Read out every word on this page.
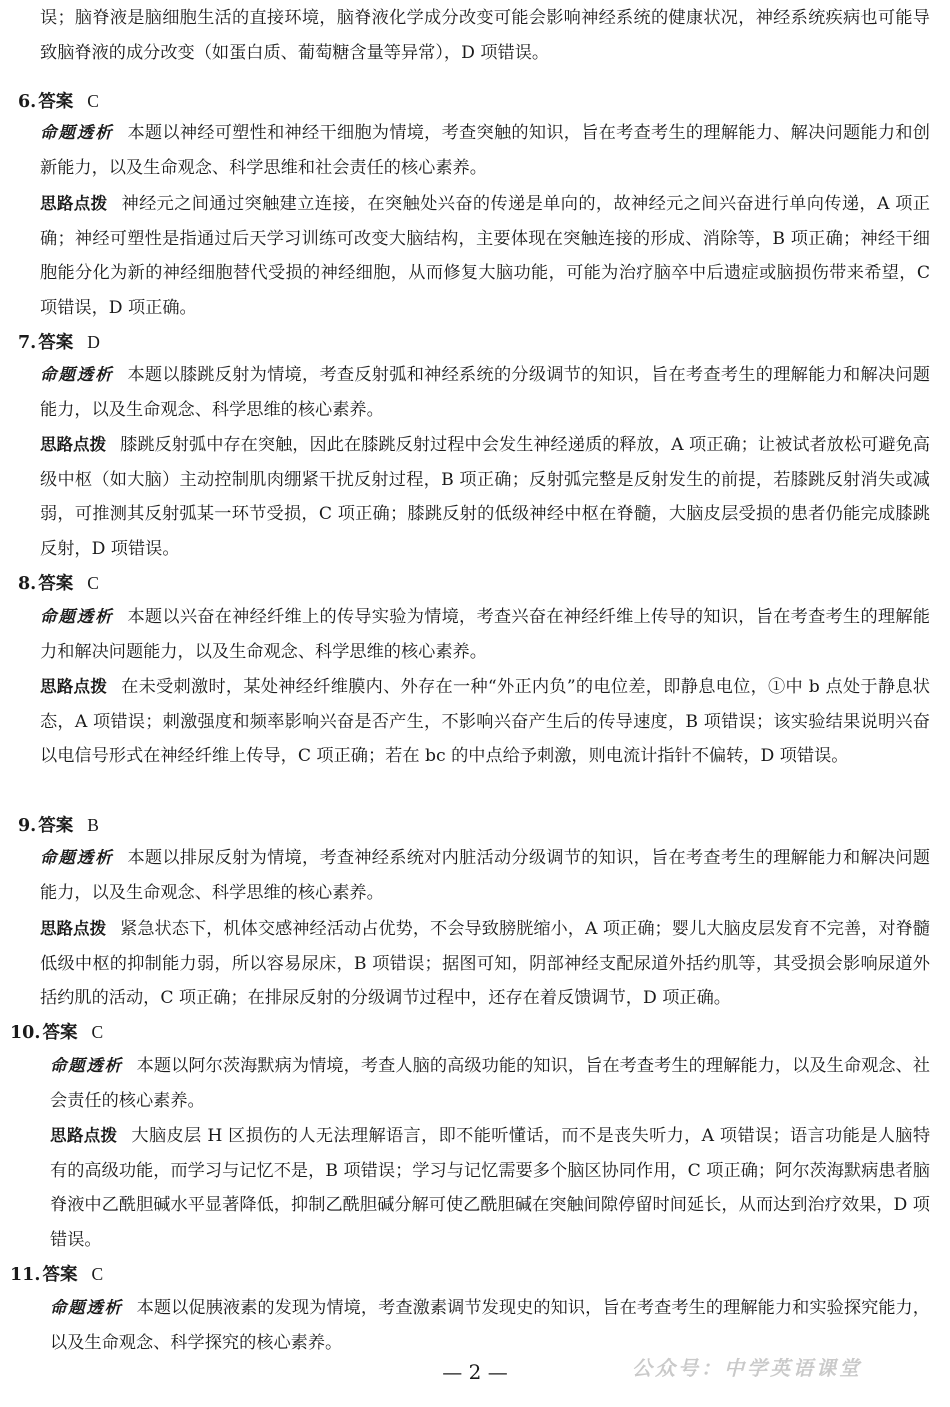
误；脑脊液是脑细胞生活的直接环境，脑脊液化学成分改变可能会影响神经系统的健康状况，神经系统疾病也可能导致脑脊液的成分改变（如蛋白质、葡萄糖含量等异常），D 项错误。
6. 答案 C
命题透析 本题以神经可塑性和神经干细胞为情境，考查突触的知识，旨在考查考生的理解能力、解决问题能力和创新能力，以及生命观念、科学思维和社会责任的核心素养。
思路点拨 神经元之间通过突触建立连接，在突触处兴奋的传递是单向的，故神经元之间兴奋进行单向传递，A 项正确；神经可塑性是指通过后天学习训练可改变大脑结构，主要体现在突触连接的形成、消除等，B 项正确；神经干细胞能分化为新的神经细胞替代受损的神经细胞，从而修复大脑功能，可能为治疗脑卒中后遗症或脑损伤带来希望，C 项错误，D 项正确。
7. 答案 D
命题透析 本题以膝跳反射为情境，考查反射弧和神经系统的分级调节的知识，旨在考查考生的理解能力和解决问题能力，以及生命观念、科学思维的核心素养。
思路点拨 膝跳反射弧中存在突触，因此在膝跳反射过程中会发生神经递质的释放，A 项正确；让被试者放松可避免高级中枢（如大脑）主动控制肌肉绷紧干扰反射过程，B 项正确；反射弧完整是反射发生的前提，若膝跳反射消失或减弱，可推测其反射弧某一环节受损，C 项正确；膝跳反射的低级神经中枢在脊髓，大脑皮层受损的患者仍能完成膝跳反射，D 项错误。
8. 答案 C
命题透析 本题以兴奋在神经纤维上的传导实验为情境，考查兴奋在神经纤维上传导的知识，旨在考查考生的理解能力和解决问题能力，以及生命观念、科学思维的核心素养。
思路点拨 在未受刺激时，某处神经纤维膜内、外存在一种“外正内负”的电位差，即静息电位，①中 b 点处于静息状态，A 项错误；刺激强度和频率影响兴奋是否产生，不影响兴奋产生后的传导速度，B 项错误；该实验结果说明兴奋以电信号形式在神经纤维上传导，C 项正确；若在 bc 的中点给予刺激，则电流计指针不偏转，D 项错误。
9. 答案 B
命题透析 本题以排尿反射为情境，考查神经系统对内脏活动分级调节的知识，旨在考查考生的理解能力和解决问题能力，以及生命观念、科学思维的核心素养。
思路点拨 紧急状态下，机体交感神经活动占优势，不会导致膀胱缩小，A 项正确；婴儿大脑皮层发育不完善，对脊髓低级中枢的抑制能力弱，所以容易尿床，B 项错误；据图可知，阴部神经支配尿道外括约肌等，其受损会影响尿道外括约肌的活动，C 项正确；在排尿反射的分级调节过程中，还存在着反馈调节，D 项正确。
10. 答案 C
命题透析 本题以阿尔茨海默病为情境，考查人脑的高级功能的知识，旨在考查考生的理解能力，以及生命观念、社会责任的核心素养。
思路点拨 大脑皮层 H 区损伤的人无法理解语言，即不能听懂话，而不是丧失听力，A 项错误；语言功能是人脑特有的高级功能，而学习与记忆不是，B 项错误；学习与记忆需要多个脑区协同作用，C 项正确；阿尔茨海默病患者脑脊液中乙酰胆碱水平显著降低，抑制乙酰胆碱分解可使乙酰胆碱在突触间隙停留时间延长，从而达到治疗效果，D 项错误。
11. 答案 C
命题透析 本题以促胰液素的发现为情境，考查激素调节发现史的知识，旨在考查考生的理解能力和实验探究能力，以及生命观念、科学探究的核心素养。
— 2 —	公众号：中学英语课堂
